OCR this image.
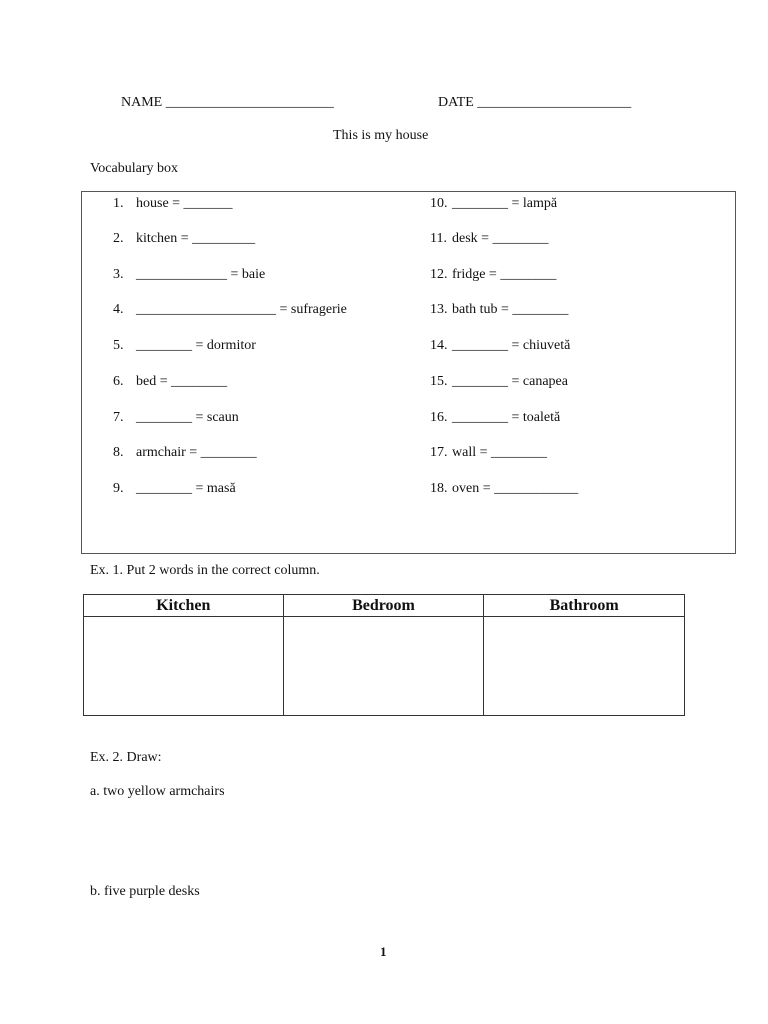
NAME ________________________	DATE ______________________
This is my house
Vocabulary box
1. house = _______
2. kitchen = _________
3. _____________ = baie
4. ____________________ = sufragerie
5. ________ = dormitor
6. bed = ________
7. ________ = scaun
8. armchair = ________
9. ________ = masă
10. ________ = lampă
11. desk = ________
12. fridge = ________
13. bath tub = ________
14. ________ = chiuvetă
15. ________ = canapea
16. ________ = toaletă
17. wall = ________
18. oven = ____________
Ex. 1. Put 2 words in the correct column.
Kitchen	Bedroom	Bathroom

Ex. 2. Draw:
a. two yellow armchairs
b. five purple desks
1
